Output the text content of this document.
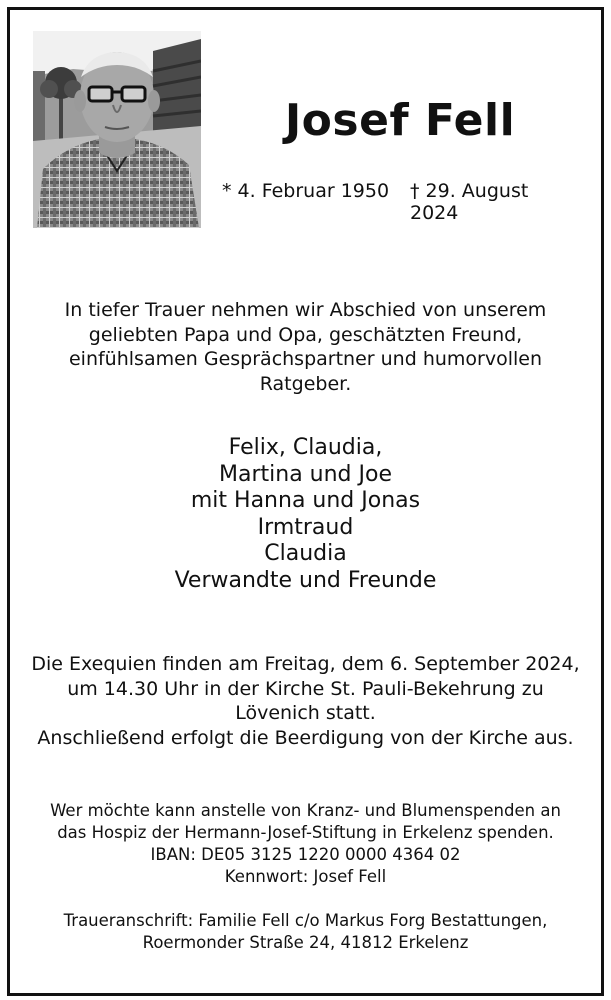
Josef Fell
* 4. Februar 1950 † 29. August 2024
In tiefer Trauer nehmen wir Abschied von unserem
geliebten Papa und Opa, geschätzten Freund,
einfühlsamen Gesprächspartner und humorvollen
Ratgeber.
Felix, Claudia,
Martina und Joe
mit Hanna und Jonas
Irmtraud
Claudia
Verwandte und Freunde
Die Exequien finden am Freitag, dem 6. September 2024,
um 14.30 Uhr in der Kirche St. Pauli-Bekehrung zu
Lövenich statt.
Anschließend erfolgt die Beerdigung von der Kirche aus.
Wer möchte kann anstelle von Kranz- und Blumenspenden an
das Hospiz der Hermann-Josef-Stiftung in Erkelenz spenden.
IBAN: DE05 3125 1220 0000 4364 02
Kennwort: Josef Fell
Traueranschrift: Familie Fell c/o Markus Forg Bestattungen,
Roermonder Straße 24, 41812 Erkelenz
